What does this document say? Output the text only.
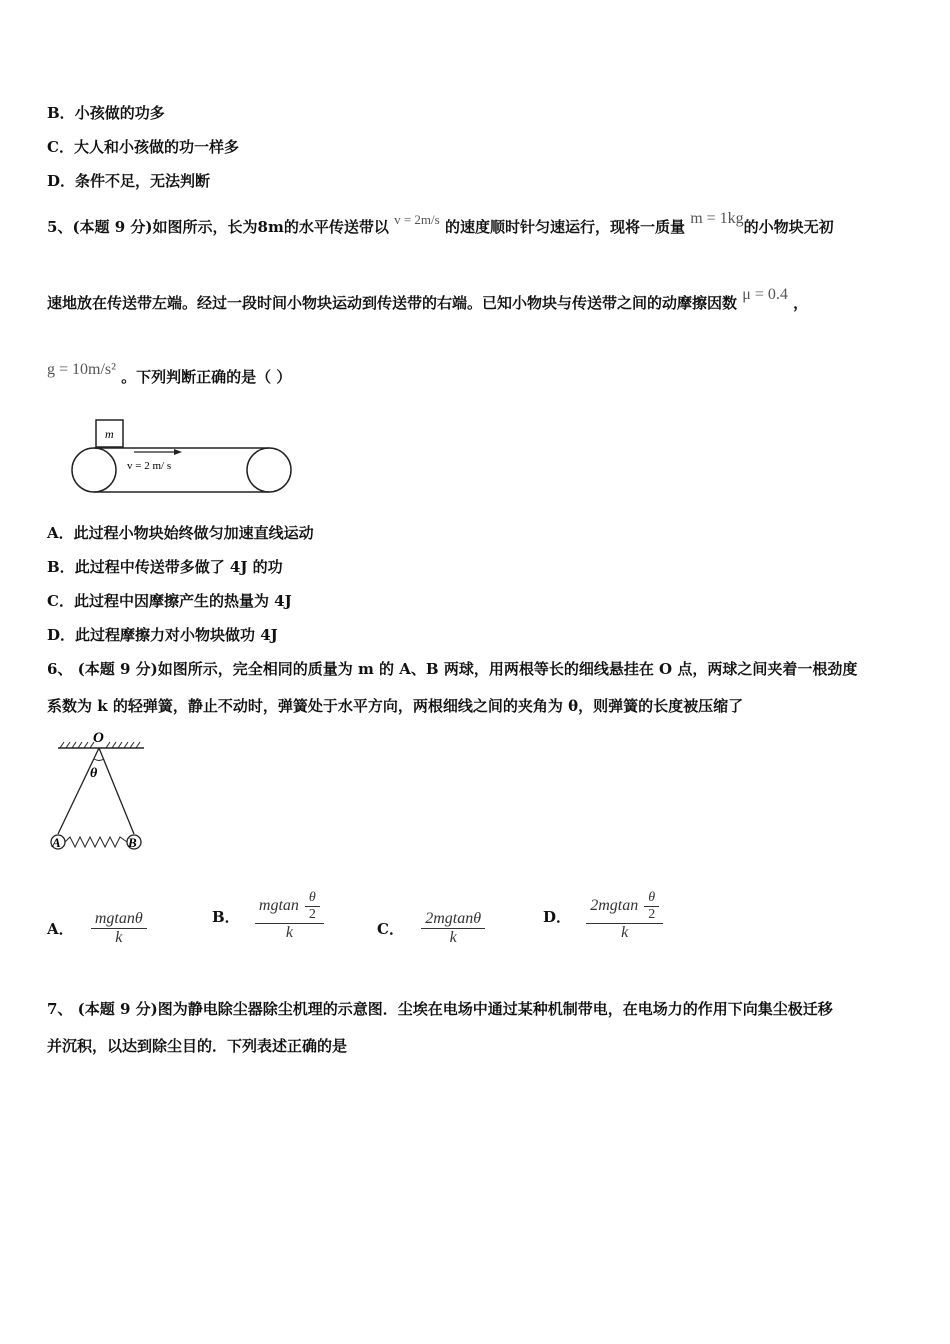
B．小孩做的功多
C．大人和小孩做的功一样多
D．条件不足，无法判断
5、(本题 9 分)如图所示，长为8m的水平传送带以 v = 2m/s 的速度顺时针匀速运行，现将一质量 m = 1kg的小物块无初
速地放在传送带左端。经过一段时间小物块运动到传送带的右端。已知小物块与传送带之间的动摩擦因数 μ = 0.4 ，
g = 10m/s² 。下列判断正确的是（ ）
m
v = 2 m/ s
A．此过程小物块始终做匀加速直线运动
B．此过程中传送带多做了 4J 的功
C．此过程中因摩擦产生的热量为 4J
D．此过程摩擦力对小物块做功 4J
6、 (本题 9 分)如图所示，完全相同的质量为 m 的 A、B 两球，用两根等长的细线悬挂在 O 点，两球之间夹着一根劲度
系数为 k 的轻弹簧，静止不动时，弹簧处于水平方向，两根细线之间的夹角为 θ，则弹簧的长度被压缩了
O
θ
A	B
A． $\frac{mgtan\theta}{k}$	B． $\frac{mgtan \frac{\theta}{2}}{k}$	C． $\frac{2mgtan\theta}{k}$	D． $\frac{2mgtan \frac{\theta}{2}}{k}$
7、 (本题 9 分)图为静电除尘器除尘机理的示意图．尘埃在电场中通过某种机制带电，在电场力的作用下向集尘极迁移
并沉积，以达到除尘目的．下列表述正确的是
